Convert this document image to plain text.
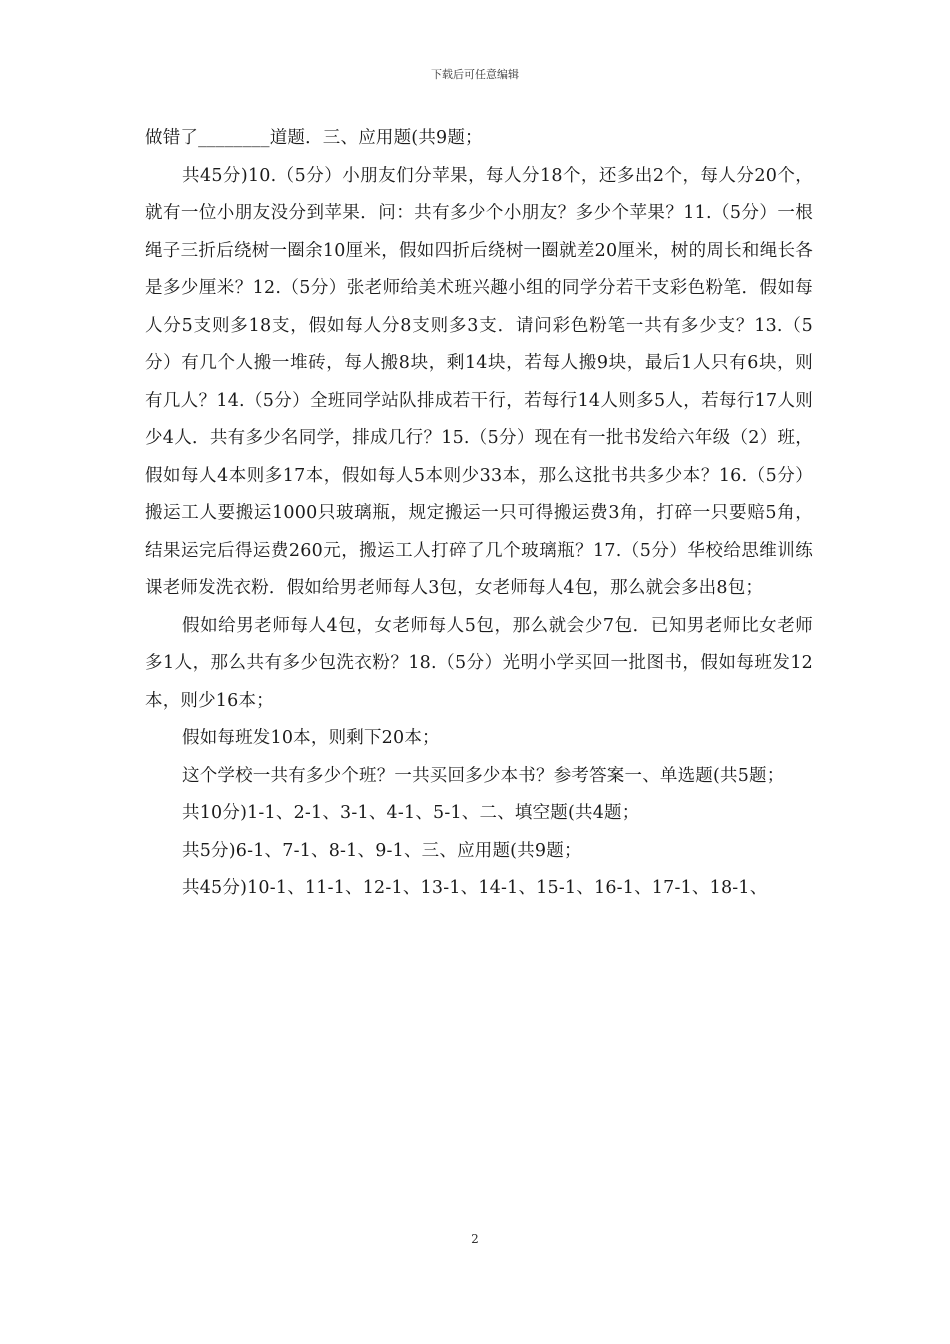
下载后可任意编辑

做错了________道题．三、应用题(共9题；

共45分)10.（5分）小朋友们分苹果，每人分18个，还多出2个，每人分20个，就有一位小朋友没分到苹果．问：共有多少个小朋友？多少个苹果？11.（5分）一根绳子三折后绕树一圈余10厘米，假如四折后绕树一圈就差20厘米，树的周长和绳长各是多少厘米？12.（5分）张老师给美术班兴趣小组的同学分若干支彩色粉笔．假如每人分5支则多18支，假如每人分8支则多3支．请问彩色粉笔一共有多少支？13.（5分）有几个人搬一堆砖，每人搬8块，剩14块，若每人搬9块，最后1人只有6块，则有几人？14.（5分）全班同学站队排成若干行，若每行14人则多5人，若每行17人则少4人．共有多少名同学，排成几行？15.（5分）现在有一批书发给六年级（2）班，假如每人4本则多17本，假如每人5本则少33本，那么这批书共多少本？16.（5分）搬运工人要搬运1000只玻璃瓶，规定搬运一只可得搬运费3角，打碎一只要赔5角，结果运完后得运费260元，搬运工人打碎了几个玻璃瓶？17.（5分）华校给思维训练课老师发洗衣粉．假如给男老师每人3包，女老师每人4包，那么就会多出8包；

假如给男老师每人4包，女老师每人5包，那么就会少7包．已知男老师比女老师多1人，那么共有多少包洗衣粉？18.（5分）光明小学买回一批图书，假如每班发12本，则少16本；

假如每班发10本，则剩下20本；

这个学校一共有多少个班？一共买回多少本书？参考答案一、单选题(共5题；

共10分)1-1、2-1、3-1、4-1、5-1、二、填空题(共4题；

共5分)6-1、7-1、8-1、9-1、三、应用题(共9题；

共45分)10-1、11-1、12-1、13-1、14-1、15-1、16-1、17-1、18-1、

2
